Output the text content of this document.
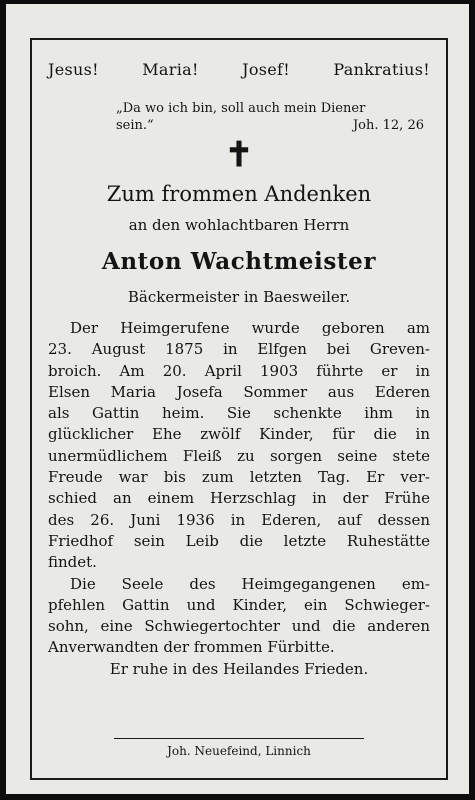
Jesus!	Maria!	Josef!	Pankratius!
„Da wo ich bin, soll auch mein Diener
sein.“	Joh. 12, 26
✝
Zum frommen Andenken
an den wohlachtbaren Herrn
Anton Wachtmeister
Bäckermeister in Baesweiler.
Der Heimgerufene wurde geboren am
23. August 1875 in Elfgen bei Greven-
broich. Am 20. April 1903 führte er in
Elsen Maria Josefa Sommer aus Ederen
als Gattin heim. Sie schenkte ihm in
glücklicher Ehe zwölf Kinder, für die in
unermüdlichem Fleiß zu sorgen seine stete
Freude war bis zum letzten Tag. Er ver-
schied an einem Herzschlag in der Frühe
des 26. Juni 1936 in Ederen, auf dessen
Friedhof sein Leib die letzte Ruhestätte
findet.
Die Seele des Heimgegangenen em-
pfehlen Gattin und Kinder, ein Schwieger-
sohn, eine Schwiegertochter und die anderen
Anverwandten der frommen Fürbitte.
Er ruhe in des Heilandes Frieden.
Joh. Neuefeind, Linnich
